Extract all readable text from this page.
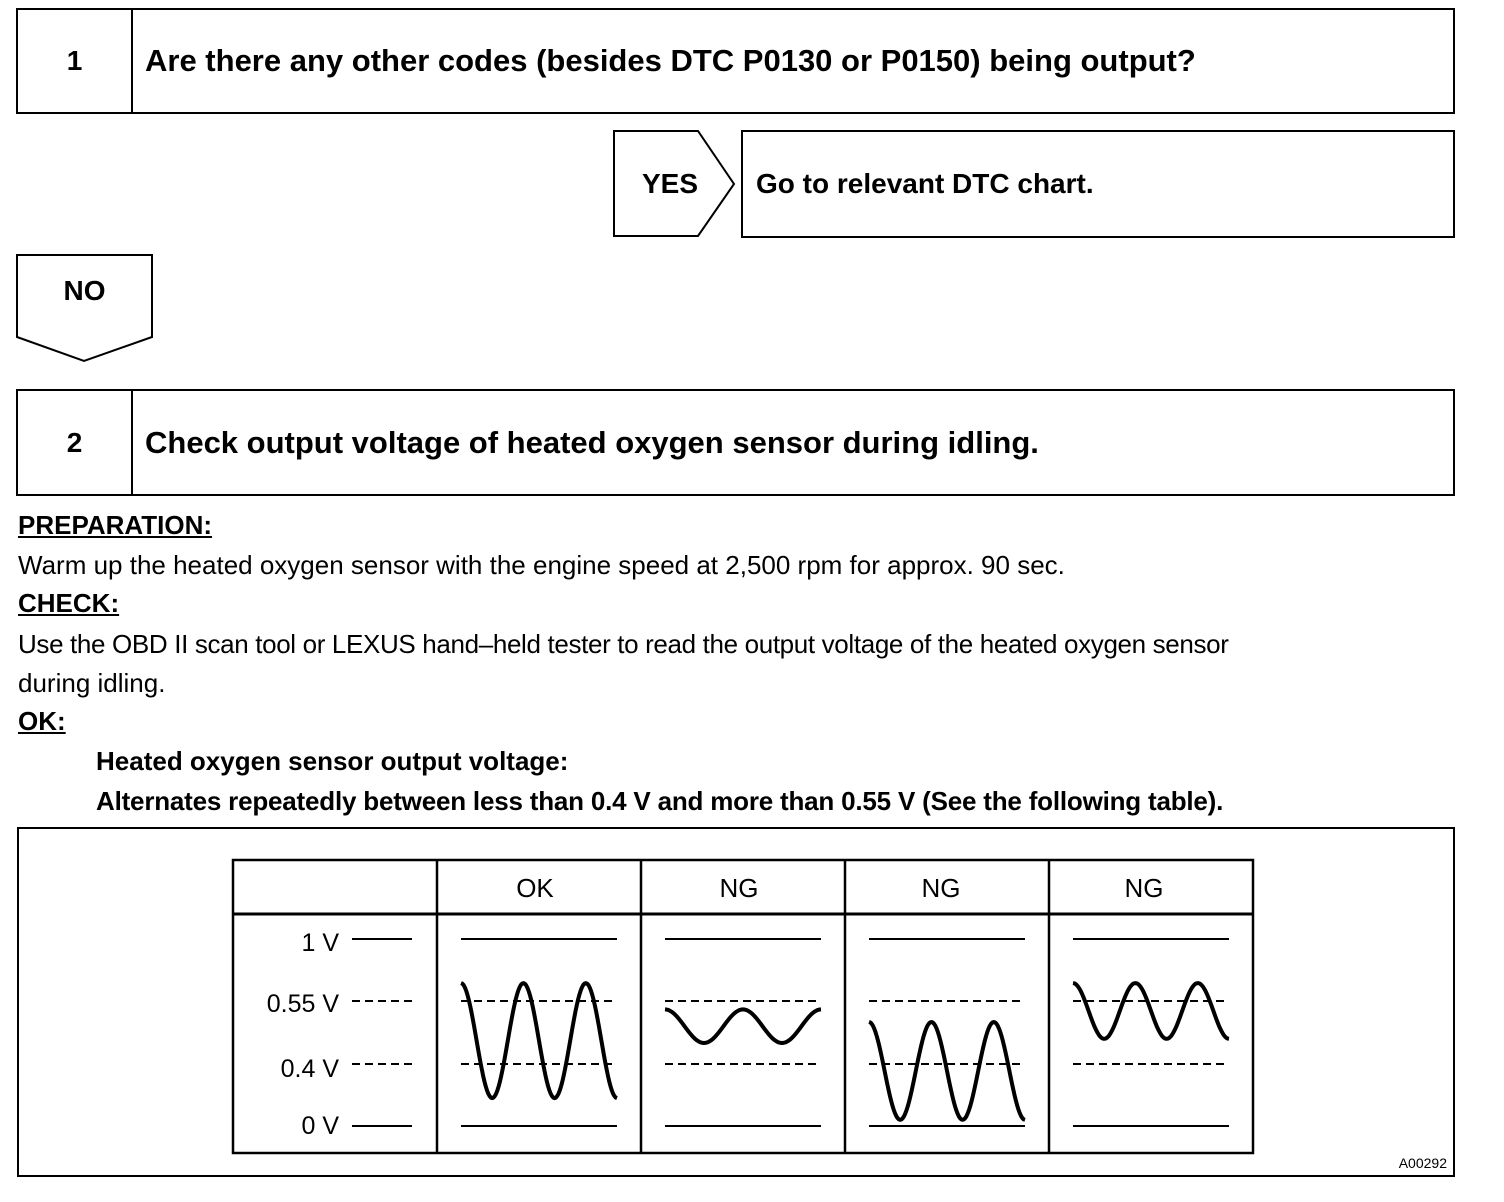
1	Are there any other codes (besides DTC P0130 or P0150) being output?
YES	Go to relevant DTC chart.
NO
2	Check output voltage of heated oxygen sensor during idling.
PREPARATION:
Warm up the heated oxygen sensor with the engine speed at 2,500 rpm for approx. 90 sec.
CHECK:
Use the OBD II scan tool or LEXUS hand–held tester to read the output voltage of the heated oxygen sensor
during idling.
OK:
Heated oxygen sensor output voltage:
Alternates repeatedly between less than 0.4 V and more than 0.55 V (See the following table).
OK	NG	NG	NG
1 V
0.55 V
0.4 V
0 V
A00292
